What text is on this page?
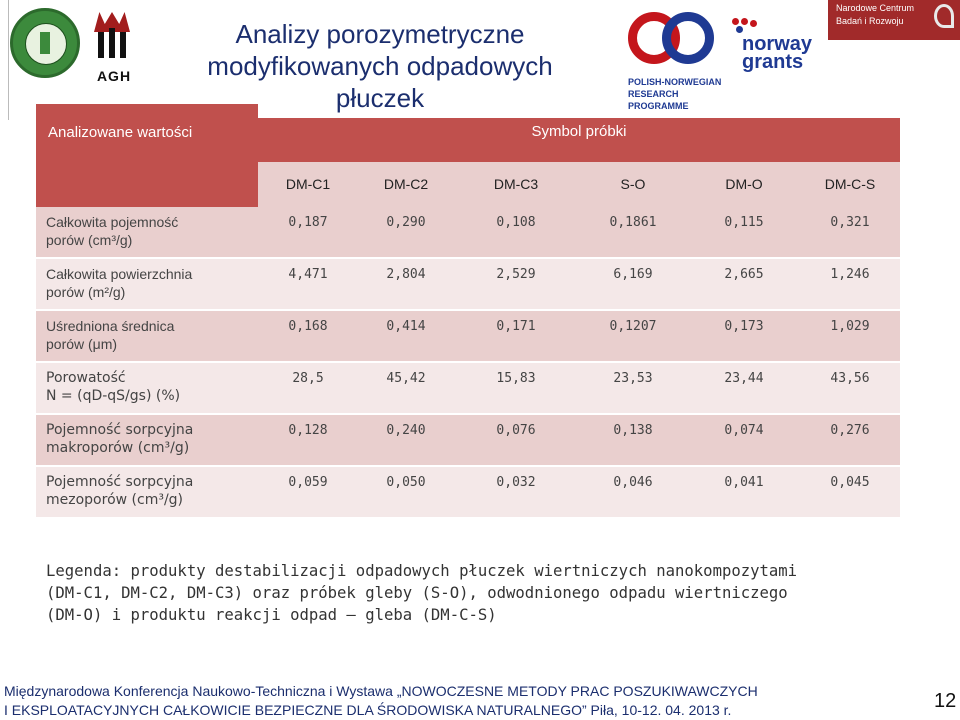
AGH
Analizy porozymetryczne modyfikowanych odpadowych płuczek
POLISH-NORWEGIAN
RESEARCH
PROGRAMME
norway
grants
Narodowe Centrum
Badań i Rozwoju
Analizowane wartości	Symbol próbki
DM-C1	DM-C2	DM-C3	S-O	DM-O	DM-C-S
Całkowita pojemność
porów (cm³/g)
0,187	0,290	0,108	0,1861	0,115	0,321
Całkowita powierzchnia
porów (m²/g)
4,471	2,804	2,529	6,169	2,665	1,246
Uśredniona średnica
porów (μm)
0,168	0,414	0,171	0,1207	0,173	1,029
Porowatość
N = (qD-qS/gs) (%)
28,5	45,42	15,83	23,53	23,44	43,56
Pojemność sorpcyjna
makroporów (cm³/g)
0,128	0,240	0,076	0,138	0,074	0,276
Pojemność sorpcyjna
mezoporów (cm³/g)
0,059	0,050	0,032	0,046	0,041	0,045
Legenda: produkty destabilizacji odpadowych płuczek wiertniczych nanokompozytami
(DM-C1, DM-C2, DM-C3) oraz próbek gleby (S-O), odwodnionego odpadu wiertniczego
(DM-O) i produktu reakcji odpad – gleba (DM-C-S)
Międzynarodowa Konferencja Naukowo-Techniczna i Wystawa „NOWOCZESNE METODY PRAC POSZUKIWAWCZYCH
I EKSPLOATACYJNYCH CAŁKOWICIE BEZPIECZNE DLA ŚRODOWISKA NATURALNEGO” Piła, 10-12. 04. 2013 r.	12
